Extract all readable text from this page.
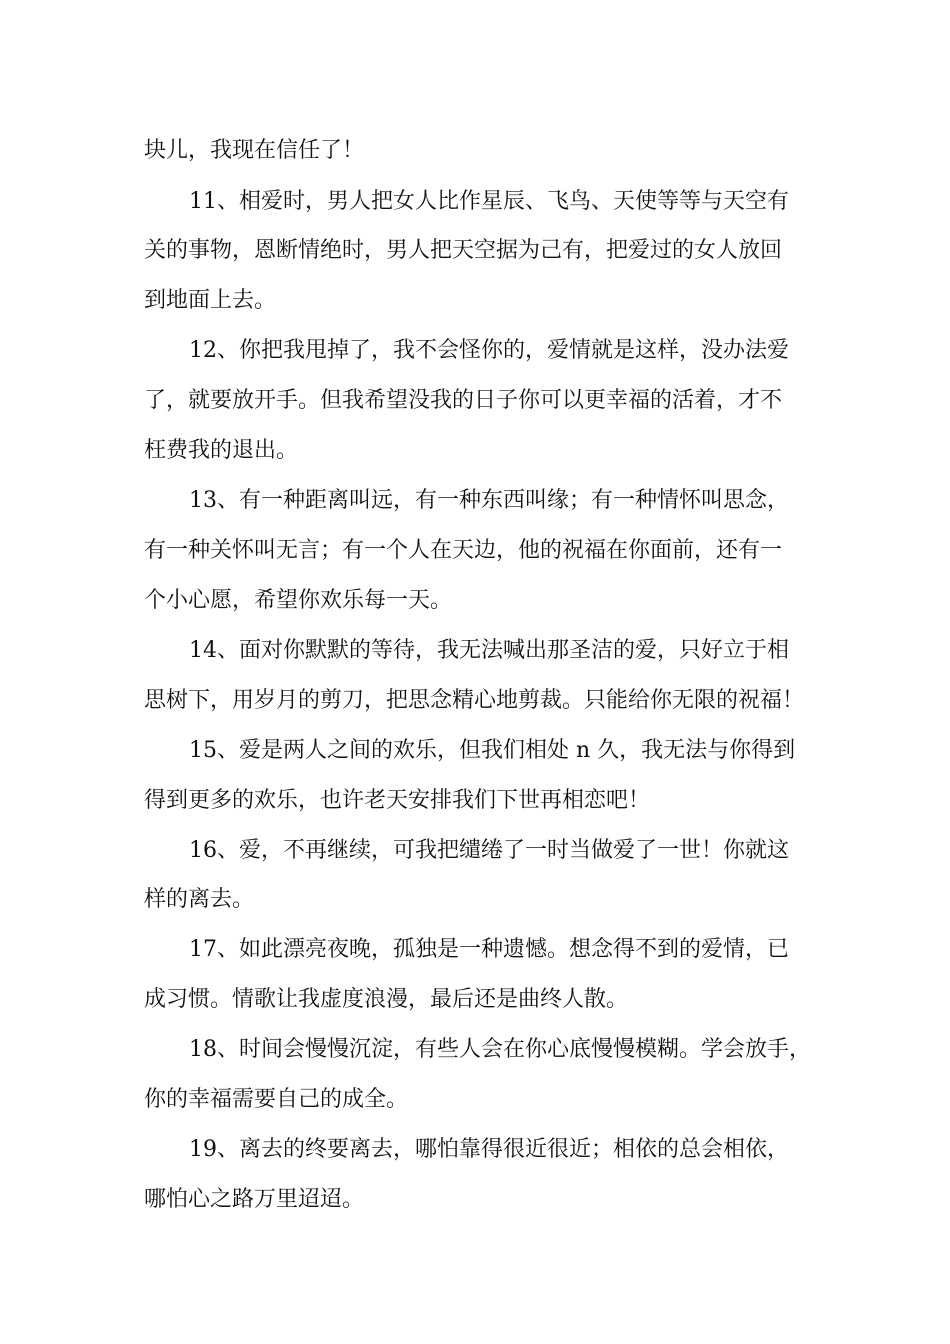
块儿，我现在信任了！
11、相爱时，男人把女人比作星辰、飞鸟、天使等等与天空有
关的事物，恩断情绝时，男人把天空据为己有，把爱过的女人放回
到地面上去。
12、你把我甩掉了，我不会怪你的，爱情就是这样，没办法爱
了，就要放开手。但我希望没我的日子你可以更幸福的活着，才不
枉费我的退出。
13、有一种距离叫远，有一种东西叫缘；有一种情怀叫思念，
有一种关怀叫无言；有一个人在天边，他的祝福在你面前，还有一
个小心愿，希望你欢乐每一天。
14、面对你默默的等待，我无法喊出那圣洁的爱，只好立于相
思树下，用岁月的剪刀，把思念精心地剪裁。只能给你无限的祝福！
15、爱是两人之间的欢乐，但我们相处 n 久，我无法与你得到
得到更多的欢乐，也许老天安排我们下世再相恋吧！
16、爱，不再继续，可我把缱绻了一时当做爱了一世！你就这
样的离去。
17、如此漂亮夜晚，孤独是一种遗憾。想念得不到的爱情，已
成习惯。情歌让我虚度浪漫，最后还是曲终人散。
18、时间会慢慢沉淀，有些人会在你心底慢慢模糊。学会放手，
你的幸福需要自己的成全。
19、离去的终要离去，哪怕靠得很近很近；相依的总会相依，
哪怕心之路万里迢迢。
